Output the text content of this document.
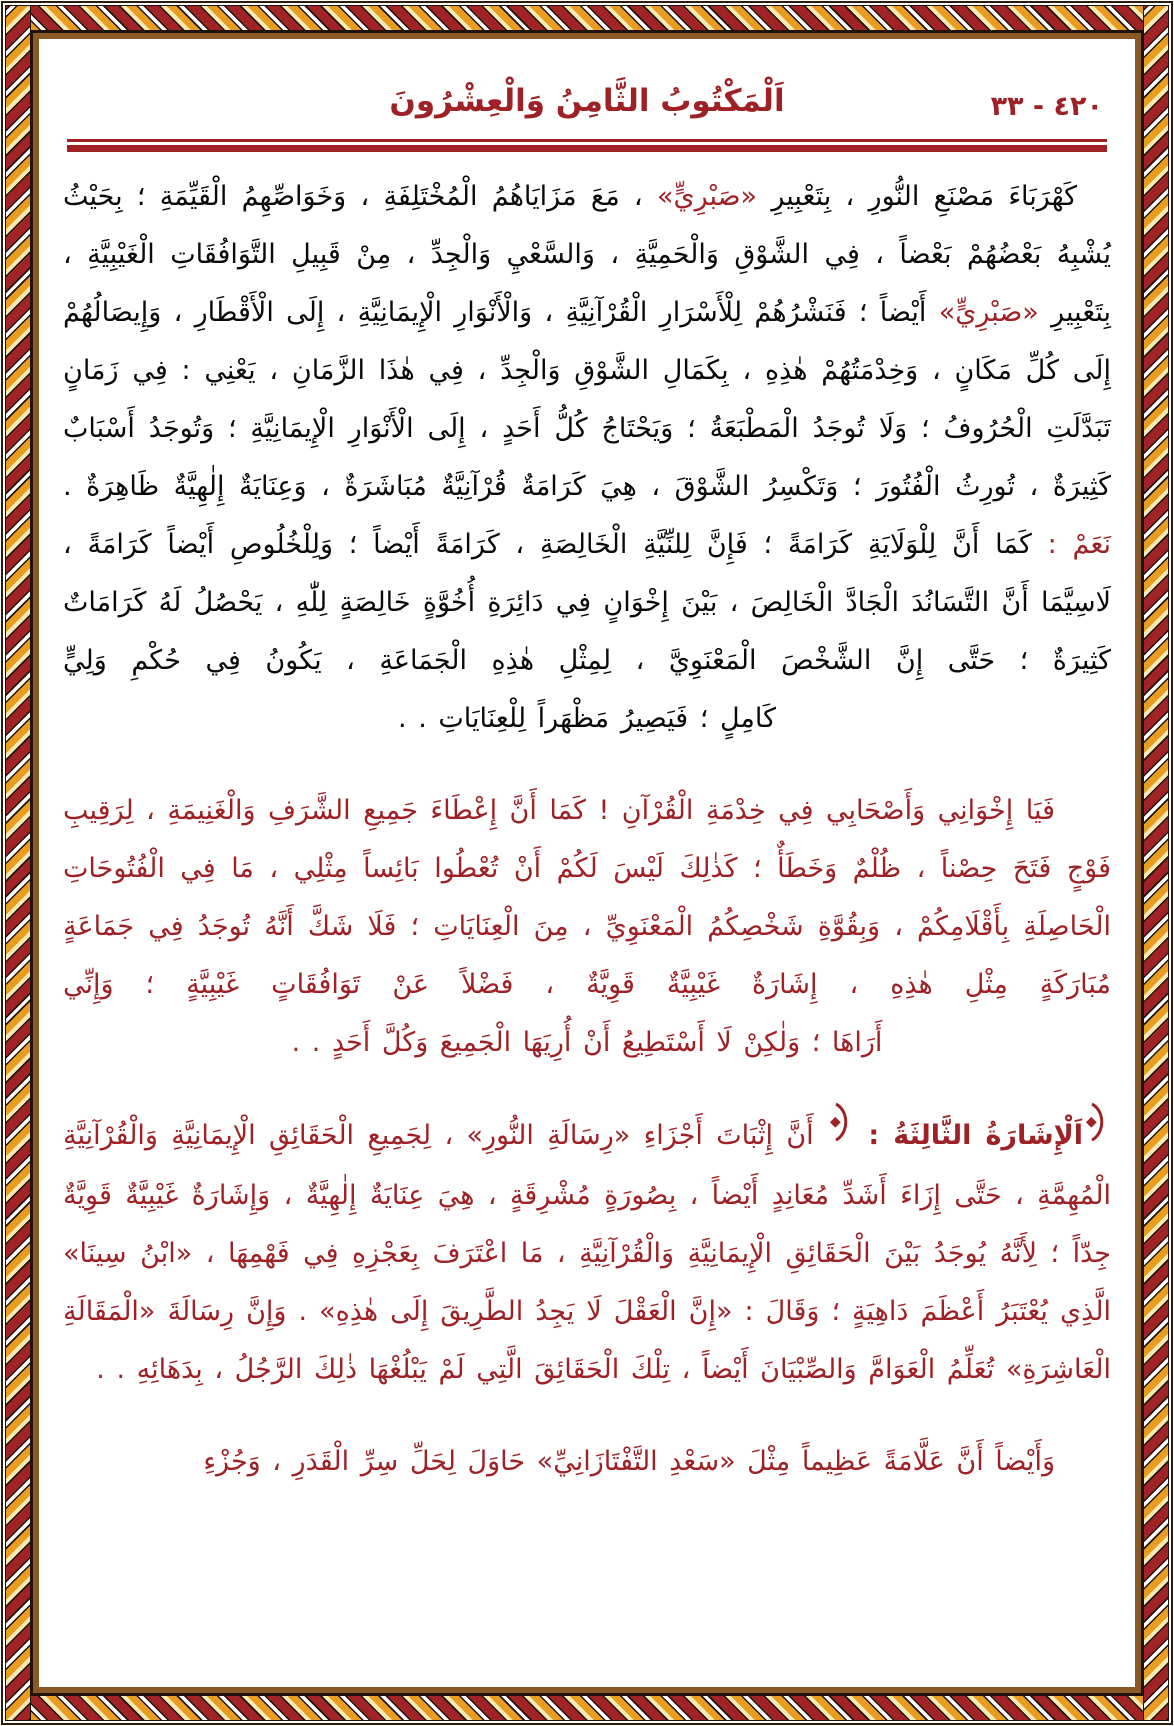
اَلْمَكْتُوبُ الثَّامِنُ وَالْعِشْرُونَ	٤٢٠ - ٣٣

كَهْرَبَاءَ مَصْنَعِ النُّورِ ، بِتَعْبِيرِ «صَبْرِيٍّ» ، مَعَ مَزَايَاهُمُ الْمُخْتَلِفَةِ ، وَخَوَاصِّهِمُ الْقَيِّمَةِ ؛ بِحَيْثُ يُشْبِهُ بَعْضُهُمْ بَعْضاً ، فِي الشَّوْقِ وَالْحَمِيَّةِ ، وَالسَّعْيِ وَالْجِدِّ ، مِنْ قَبِيلِ التَّوَافُقَاتِ الْغَيْبِيَّةِ ، بِتَعْبِيرِ «صَبْرِيٍّ» أَيْضاً ؛ فَنَشْرُهُمْ لِلْأَسْرَارِ الْقُرْآنِيَّةِ ، وَالْأَنْوَارِ الْإِيمَانِيَّةِ ، إِلَى الْأَقْطَارِ ، وَإِيصَالُهُمْ إِلَى كُلِّ مَكَانٍ ، وَخِدْمَتُهُمْ هٰذِهِ ، بِكَمَالِ الشَّوْقِ وَالْجِدِّ ، فِي هٰذَا الزَّمَانِ ، يَعْنِي : فِي زَمَانٍ تَبَدَّلَتِ الْحُرُوفُ ؛ وَلَا تُوجَدُ الْمَطْبَعَةُ ؛ وَيَحْتَاجُ كُلُّ أَحَدٍ ، إِلَى الْأَنْوَارِ الْإِيمَانِيَّةِ ؛ وَتُوجَدُ أَسْبَابٌ كَثِيرَةٌ ، تُورِثُ الْفُتُورَ ؛ وَتَكْسِرُ الشَّوْقَ ، هِيَ كَرَامَةٌ قُرْآنِيَّةٌ مُبَاشَرَةٌ ، وَعِنَايَةٌ إِلٰهِيَّةٌ ظَاهِرَةٌ . نَعَمْ : كَمَا أَنَّ لِلْوَلَايَةِ كَرَامَةً ؛ فَإِنَّ لِلنِّيَّةِ الْخَالِصَةِ ، كَرَامَةً أَيْضاً ؛ وَلِلْخُلُوصِ أَيْضاً كَرَامَةً ، لَاسِيَّمَا أَنَّ التَّسَانُدَ الْجَادَّ الْخَالِصَ ، بَيْنَ إِخْوَانٍ فِي دَائِرَةِ أُخُوَّةٍ خَالِصَةٍ لِلّٰهِ ، يَحْصُلُ لَهُ كَرَامَاتٌ كَثِيرَةٌ ؛ حَتَّى إِنَّ الشَّخْصَ الْمَعْنَوِيَّ ، لِمِثْلِ هٰذِهِ الْجَمَاعَةِ ، يَكُونُ فِي حُكْمِ وَلِيٍّ

كَامِلٍ ؛ فَيَصِيرُ مَظْهَراً لِلْعِنَايَاتِ . .

فَيَا إِخْوَانِي وَأَصْحَابِي فِي خِدْمَةِ الْقُرْآنِ ! كَمَا أَنَّ إِعْطَاءَ جَمِيعِ الشَّرَفِ وَالْغَنِيمَةِ ، لِرَقِيبِ فَوْجٍ فَتَحَ حِصْناً ، ظُلْمٌ وَخَطَأٌ ؛ كَذٰلِكَ لَيْسَ لَكُمْ أَنْ تُعْطُوا بَائِساً مِثْلِي ، مَا فِي الْفُتُوحَاتِ الْحَاصِلَةِ بِأَقْلَامِكُمْ ، وَبِقُوَّةِ شَخْصِكُمُ الْمَعْنَوِيِّ ، مِنَ الْعِنَايَاتِ ؛ فَلَا شَكَّ أَنَّهُ تُوجَدُ فِي جَمَاعَةٍ مُبَارَكَةٍ مِثْلِ هٰذِهِ ، إِشَارَةٌ غَيْبِيَّةٌ قَوِيَّةٌ ، فَضْلاً عَنْ تَوَافُقَاتٍ غَيْبِيَّةٍ ؛ وَإِنِّي

أَرَاهَا ؛ وَلٰكِنْ لَا أَسْتَطِيعُ أَنْ أُرِيَهَا الْجَمِيعَ وَكُلَّ أَحَدٍ . .

اَلْإِشَارَةُ الثَّالِثَةُ :  أَنَّ إِثْبَاتَ أَجْزَاءِ «رِسَالَةِ النُّورِ» ، لِجَمِيعِ الْحَقَائِقِ الْإِيمَانِيَّةِ وَالْقُرْآنِيَّةِ الْمُهِمَّةِ ، حَتَّى إِزَاءَ أَشَدِّ مُعَانِدٍ أَيْضاً ، بِصُورَةٍ مُشْرِقَةٍ ، هِيَ عِنَايَةٌ إِلٰهِيَّةٌ ، وَإِشَارَةٌ غَيْبِيَّةٌ قَوِيَّةٌ جِدّاً ؛ لِأَنَّهُ يُوجَدُ بَيْنَ الْحَقَائِقِ الْإِيمَانِيَّةِ وَالْقُرْآنِيَّةِ ، مَا اعْتَرَفَ بِعَجْزِهِ فِي فَهْمِهَا ، «ابْنُ سِينَا» الَّذِي يُعْتَبَرُ أَعْظَمَ دَاهِيَةٍ ؛ وَقَالَ : «إِنَّ الْعَقْلَ لَا يَجِدُ الطَّرِيقَ إِلَى هٰذِهِ» . وَإِنَّ رِسَالَةَ «الْمَقَالَةِ الْعَاشِرَةِ» تُعَلِّمُ الْعَوَامَّ وَالصِّبْيَانَ أَيْضاً ، تِلْكَ الْحَقَائِقَ الَّتِي لَمْ يَبْلُغْهَا ذٰلِكَ الرَّجُلُ ، بِدَهَائِهِ . .

وَأَيْضاً أَنَّ عَلَّامَةً عَظِيماً مِثْلَ «سَعْدِ التَّفْتَازَانِيِّ» حَاوَلَ لِحَلِّ سِرِّ الْقَدَرِ ، وَجُزْءِ
